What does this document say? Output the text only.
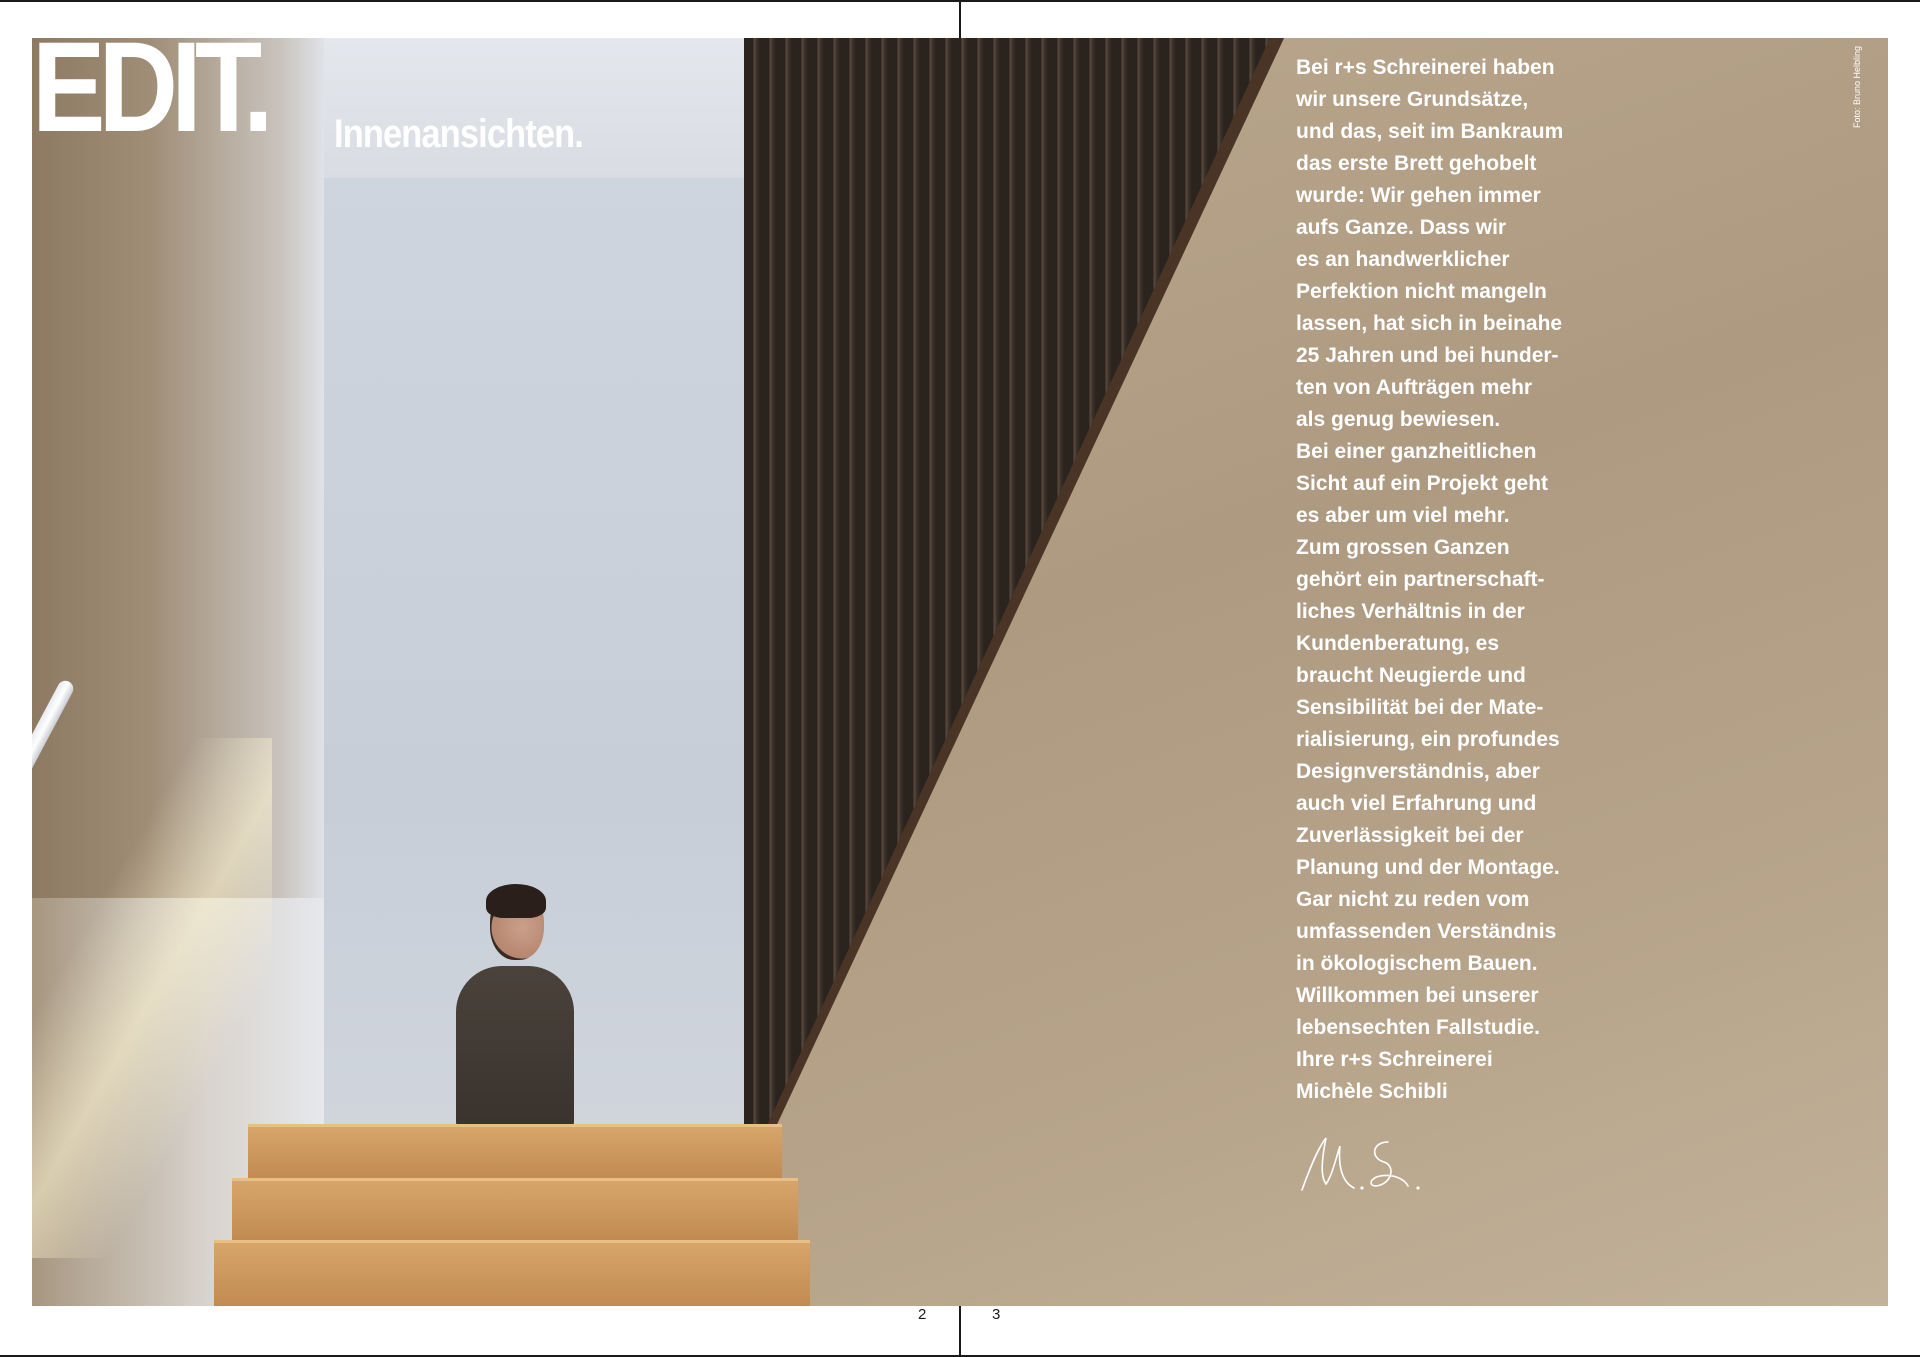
EDIT. Innenansichten.

Bei r+s Schreinerei haben
wir unsere Grundsätze,
und das, seit im Bankraum
das erste Brett gehobelt
wurde: Wir gehen immer
aufs Ganze. Dass wir
es an handwerklicher
Perfektion nicht mangeln
lassen, hat sich in beinahe
25 Jahren und bei hunder-
ten von Aufträgen mehr
als genug bewiesen.
Bei einer ganzheitlichen
Sicht auf ein Projekt geht
es aber um viel mehr.
Zum grossen Ganzen
gehört ein partnerschaft-
liches Verhältnis in der
Kundenberatung, es
braucht Neugierde und
Sensibilität bei der Mate-
rialisierung, ein profundes
Designverständnis, aber
auch viel Erfahrung und
Zuverlässigkeit bei der
Planung und der Montage.
Gar nicht zu reden vom
umfassenden Verständnis
in ökologischem Bauen.
Willkommen bei unserer
lebensechten Fallstudie.
Ihre r+s Schreinerei
Michèle Schibli

Foto: Bruno Helbling
2	3
